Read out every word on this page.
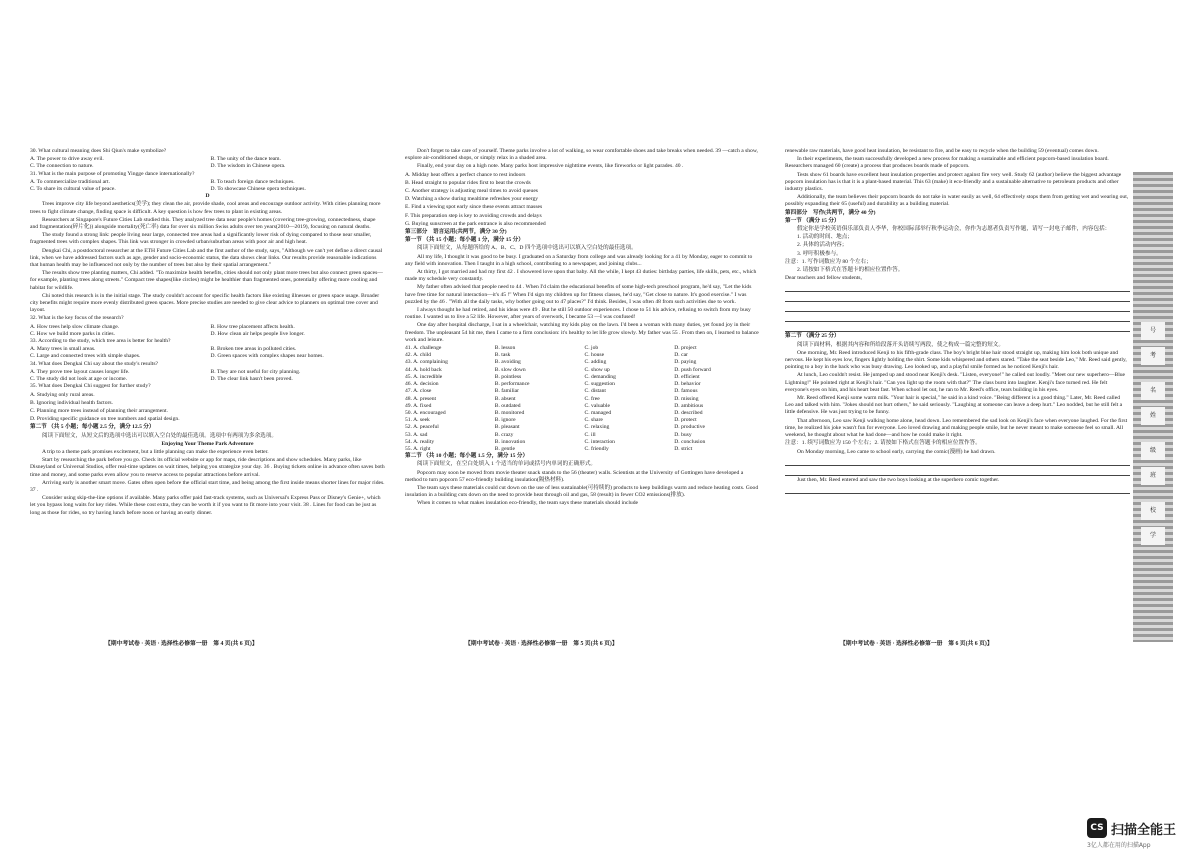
30. What cultural meaning does Shi Qiun's make symbolize?

A. The power to drive away evil.	B. The unity of the dance team.
C. The connection to nature.	D. The wisdom in Chinese opera.

31. What is the main purpose of promoting Yingge dance internationally?

A. To commercialize traditional art.	B. To teach foreign dance techniques.
C. To share its cultural value of peace.	D. To showcase Chinese opera techniques.

D

Trees improve city life beyond aesthetics(美学); they clean the air, provide shade, cool areas and encourage outdoor activity. With cities planning more trees to fight climate change, finding space is difficult. A key question is how few trees to plant in existing areas.

Researchers at Singapore's Future Cities Lab studied this. They analyzed tree data near people's homes (covering tree-growing, connectedness, shape and fragmentation(碎片化)) alongside mortality(死亡率) data for over six million Swiss adults over ten years(2010—2019), focusing on natural deaths.

The study found a strong link: people living near large, connected tree areas had a significantly lower risk of dying compared to those near smaller, fragmented trees with complex shapes. This link was stronger in crowded urban/suburban areas with poor air and high heat.

Dengkai Chi, a postdoctoral researcher at the ETH Future Cities Lab and the first author of the study, says, "Although we can't yet define a direct causal link, when we have addressed factors such as age, gender and socio-economic status, the data shows clear links. Our results provide reasonable indications that human health may be influenced not only by the number of trees but also by their spatial arrangement."

The results show tree planting matters, Chi added. "To maximize health benefits, cities should not only plant more trees but also connect green spaces—for example, planting trees along streets." Compact tree shapes(like circles) might be healthier than fragmented ones, potentially offering more cooling and habitat for wildlife.

Chi noted this research is in the initial stage. The study couldn't account for specific health factors like existing illnesses or green space usage. Broader city benefits might require more evenly distributed green spaces. More precise studies are needed to give clear advice to planners on optimal tree cover and layout.

32. What is the key focus of the research?

A. How trees help slow climate change.	B. How tree placement affects health.
C. How we build more parks in cities.	D. How clean air helps people live longer.

33. According to the study, which tree area is better for health?

A. Many trees in small areas.	B. Broken tree areas in polluted cities.
C. Large and connected trees with simple shapes.	D. Green spaces with complex shapes near homes.

34. What does Dengkai Chi say about the study's results?

A. They prove tree layout causes longer life.	B. They are not useful for city planning.
C. The study did not look at age or income.	D. The clear link hasn't been proved.

35. What does Dengkai Chi suggest for further study?

A. Studying only rural areas.

B. Ignoring individual health factors.

C. Planning more trees instead of planning their arrangement.

D. Providing specific guidance on tree numbers and spatial design.

第二节 （共 5 小题；每小题 2.5 分，满分 12.5 分）

阅读下面短文，从短文后的选项中选出可以填入空白处的最佳选项。选项中有两项为多余选项。

Enjoying Your Theme Park Adventure

A trip to a theme park promises excitement, but a little planning can make the experience even better.

Start by researching the park before you go. Check its official website or app for maps, ride descriptions and show schedules. Many parks, like Disneyland or Universal Studios, offer real-time updates on wait times, helping you strategize your day. 36 . Buying tickets online in advance often saves both time and money, and some parks even allow you to reserve access to popular attractions before arrival.

Arriving early is another smart move. Gates often open before the official start time, and being among the first inside means shorter lines for major rides. 37 .

Consider using skip-the-line options if available. Many parks offer paid fast-track systems, such as Universal's Express Pass or Disney's Genie+, which let you bypass long waits for key rides. While these cost extra, they can be worth it if you want to fit more into your visit. 38 . Lines for food can be just as long as those for rides, so try having lunch before noon or having an early dinner.

Don't forget to take care of yourself. Theme parks involve a lot of walking, so wear comfortable shoes and take breaks when needed. 39 —catch a show, explore air-conditioned shops, or simply relax in a shaded area.

Finally, end your day on a high note. Many parks host impressive nighttime events, like fireworks or light parades. 40 .

A. Midday heat offers a perfect chance to rest indoors

B. Head straight to popular rides first to beat the crowds

C. Another strategy is adjusting meal times to avoid queues

D. Watching a show during mealtime refreshes your energy

E. Find a viewing spot early since these events attract masses

F. This preparation step is key to avoiding crowds and delays

G. Buying sunscreen at the park entrance is also recommended

第三部分　语言运用(共两节，满分 30 分)

第一节 （共 15 小题；每小题 1 分，满分 15 分）

阅读下面短文，从每题所给的 A、B、C、D 四个选项中选出可以填入空白处的最佳选项。

All my life, I thought it was good to be busy. I graduated on a Saturday from college and was already looking for a 41 by Monday, eager to commit to any field with innovation. Then I taught in a high school, contributing to a newspaper, and joining clubs...

At thirty, I got married and had my first 42 . I showered love upon that baby. All the while, I kept 43 duties: birthday parties, life skills, pets, etc., which made my schedule very constantly.

My father often advised that people need to 44 . When I'd claim the educational benefits of some high-tech preschool program, he'd say, "Let the kids have free time for natural interaction—it's 45 !" When I'd sign my children up for fitness classes, he'd say, "Get close to nature. It's good exercise." I was puzzled by the 46 . "With all the daily tasks, why bother going out to 47 places?" I'd think. Besides, I was often 48 from such activities due to work.

I always thought he had retired, and his ideas were 49 . But he still 50 outdoor experiences. I chose to 51 his advice, refusing to switch from my busy routine. I wanted us to live a 52 life. However, after years of overwork, I became 53 —I was confused!

One day after hospital discharge, I sat in a wheelchair, watching my kids play on the lawn. I'd been a woman with many duties, yet found joy in their freedom. The unpleasant 54 hit me, then I came to a firm conclusion: it's healthy to let life grow slowly. My father was 55 . From then on, I learned to balance work and leisure.

41. A. challenge	B. lesson	C. job	D. project
42. A. child	B. task	C. house	D. car
43. A. complaining	B. avoiding	C. adding	D. paying
44. A. hold back	B. slow down	C. show up	D. push forward
45. A. incredible	B. pointless	C. demanding	D. efficient
46. A. decision	B. performance	C. suggestion	D. behavior
47. A. close	B. familiar	C. distant	D. famous
48. A. present	B. absent	C. free	D. missing
49. A. fixed	B. outdated	C. valuable	D. ambitious
50. A. encouraged	B. monitored	C. managed	D. described
51. A. seek	B. ignore	C. share	D. protect
52. A. peaceful	B. pleasant	C. relaxing	D. productive
53. A. sad	B. crazy	C. ill	D. busy
54. A. reality	B. innovation	C. interaction	D. conclusion
55. A. right	B. gentle	C. friendly	D. strict

第二节 （共 10 小题；每小题 1.5 分，满分 15 分）

阅读下面短文，在空白处填入 1 个适当的单词或括号内单词的正确形式。

Popcorn may soon be moved from movie theater snack stands to the 56 (theater) walls. Scientists at the University of Gottingen have developed a method to turn popcorn 57 eco-friendly building insulation(隔热材料).

The team says these materials could cut down on the use of less sustainable(可持续的) products to keep buildings warm and reduce heating costs. Good insulation in a building cuts down on the need to provide heat through oil and gas, 58 (result) in fewer CO2 emissions(排放).

When it comes to what makes insulation eco-friendly, the team says these materials should include

renewable raw materials, have good heat insulation, be resistant to fire, and be easy to recycle when the building 59 (eventual) comes down.

In their experiments, the team successfully developed a new process for making a sustainable and efficient popcorn-based insulation board. Researchers managed 60 (create) a process that produces boards made of popcorn.

Tests show 61 boards have excellent heat insulation properties and protect against fire very well. Study 62 (author) believe the biggest advantage popcorn insulation has is that it is a plant-based material. This 63 (make) it eco-friendly and a sustainable alternative to petroleum products and other industry plastics.

Additionally, the team believes their popcorn boards do not take in water easily as well, 64 effectively stops them from getting wet and wearing out, possibly expanding their 65 (useful) and durability as a building material.

第四部分　写作(共两节，满分 40 分)

第一节 （满分 15 分）

假定你是学校英语俱乐部负责人李华，你校国际部举行秋季运动会，你作为志愿者负责写作题，请写一封电子邮件，内容包括：

1. 活动的时间、地点；

2. 具体的活动内容；

3. 呼吁积极参与。

注意：1. 写作词数应为 80 个左右；

2. 请按如下格式在答题卡的相应位置作答。

Dear teachers and fellow students,

第二节 （满分 25 分）

阅读下面材料，根据其内容和所给段落开头语续写两段，使之构成一篇完整的短文。

One morning, Mr. Reed introduced Kenji to his fifth-grade class. The boy's bright blue hair stood straight up, making him look both unique and nervous. He kept his eyes low, fingers lightly holding the shirt. Some kids whispered and others stared. "Take the seat beside Leo," Mr. Reed said gently, pointing to a boy in the back who was busy drawing. Leo looked up, and a playful smile formed as he noticed Kenji's hair.

At lunch, Leo couldn't resist. He jumped up and stood near Kenji's desk. "Listen, everyone!" he called out loudly. "Meet our new superhero—Blue Lightning!" He pointed right at Kenji's hair. "Can you light up the room with that?" The class burst into laughter. Kenji's face turned red. He felt everyone's eyes on him, and his heart beat fast. When school let out, he ran to Mr. Reed's office, tears building in his eyes.

Mr. Reed offered Kenji some warm milk. "Your hair is special," he said in a kind voice. "Being different is a good thing." Later, Mr. Reed called Leo and talked with him. "Jokes should not hurt others," he said seriously. "Laughing at someone can leave a deep hurt." Leo nodded, but he still felt a little defensive. He was just trying to be funny.

That afternoon, Leo saw Kenji walking home alone, head down. Leo remembered the sad look on Kenji's face when everyone laughed. For the first time, he realized his joke wasn't fun for everyone. Leo loved drawing and making people smile, but he never meant to make someone feel so small. All weekend, he thought about what he had done—and how he could make it right.

注意：1. 续写词数应为 150 个左右；2. 请按如下格式在答题卡的相应位置作答。

On Monday morning, Leo came to school early, carrying the comic(漫画) he had drawn.

Just then, Mr. Reed entered and saw the two boys looking at the superhero comic together.

【期中考试卷 · 英语 · 选择性必修第一册　第 4 页(共 6 页)】	【期中考试卷 · 英语 · 选择性必修第一册　第 5 页(共 6 页)】	【期中考试卷 · 英语 · 选择性必修第一册　第 6 页(共 6 页)】
号
考
名
姓
级
班
校
学
CS 扫描全能王
3亿人都在用的扫描App
